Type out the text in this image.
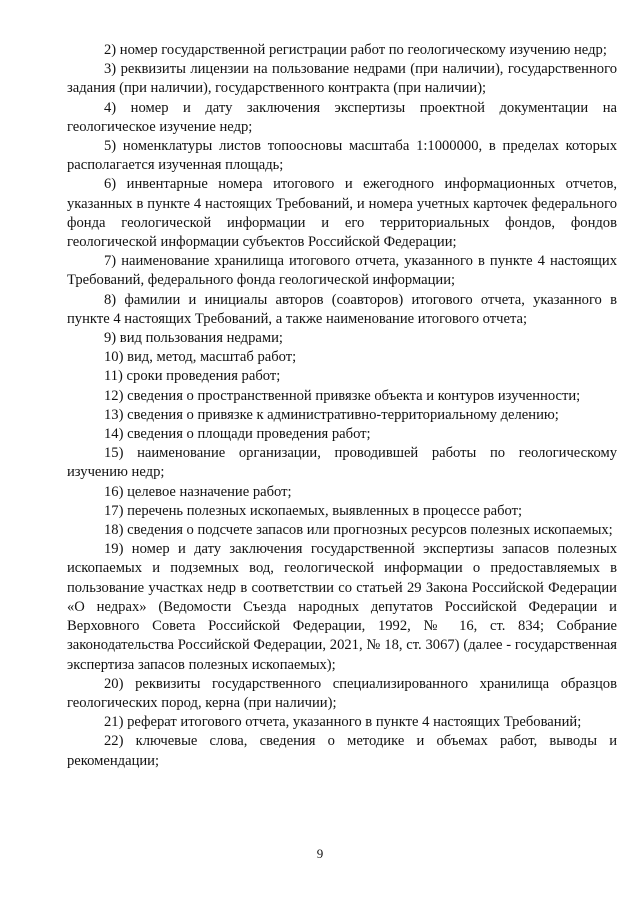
2) номер государственной регистрации работ по геологическому изучению недр;

3) реквизиты лицензии на пользование недрами (при наличии), государственного задания (при наличии), государственного контракта (при наличии);

4) номер и дату заключения экспертизы проектной документации на геологическое изучение недр;

5) номенклатуры листов топоосновы масштаба 1:1000000, в пределах которых располагается изученная площадь;

6) инвентарные номера итогового и ежегодного информационных отчетов, указанных в пункте 4 настоящих Требований, и номера учетных карточек федерального фонда геологической информации и его территориальных фондов, фондов геологической информации субъектов Российской Федерации;

7) наименование хранилища итогового отчета, указанного в пункте 4 настоящих Требований, федерального фонда геологической информации;

8) фамилии и инициалы авторов (соавторов) итогового отчета, указанного в пункте 4 настоящих Требований, а также наименование итогового отчета;

9) вид пользования недрами;

10) вид, метод, масштаб работ;

11) сроки проведения работ;

12) сведения о пространственной привязке объекта и контуров изученности;

13) сведения о привязке к административно-территориальному делению;

14) сведения о площади проведения работ;

15) наименование организации, проводившей работы по геологическому изучению недр;

16) целевое назначение работ;

17) перечень полезных ископаемых, выявленных в процессе работ;

18) сведения о подсчете запасов или прогнозных ресурсов полезных ископаемых;

19) номер и дату заключения государственной экспертизы запасов полезных ископаемых и подземных вод, геологической информации о предоставляемых в пользование участках недр в соответствии со статьей 29 Закона Российской Федерации «О недрах» (Ведомости Съезда народных депутатов Российской Федерации и Верховного Совета Российской Федерации, 1992, № 16, ст. 834; Собрание законодательства Российской Федерации, 2021, № 18, ст. 3067) (далее - государственная экспертиза запасов полезных ископаемых);

20) реквизиты государственного специализированного хранилища образцов геологических пород, керна (при наличии);

21) реферат итогового отчета, указанного в пункте 4 настоящих Требований;

22) ключевые слова, сведения о методике и объемах работ, выводы и рекомендации;

9
